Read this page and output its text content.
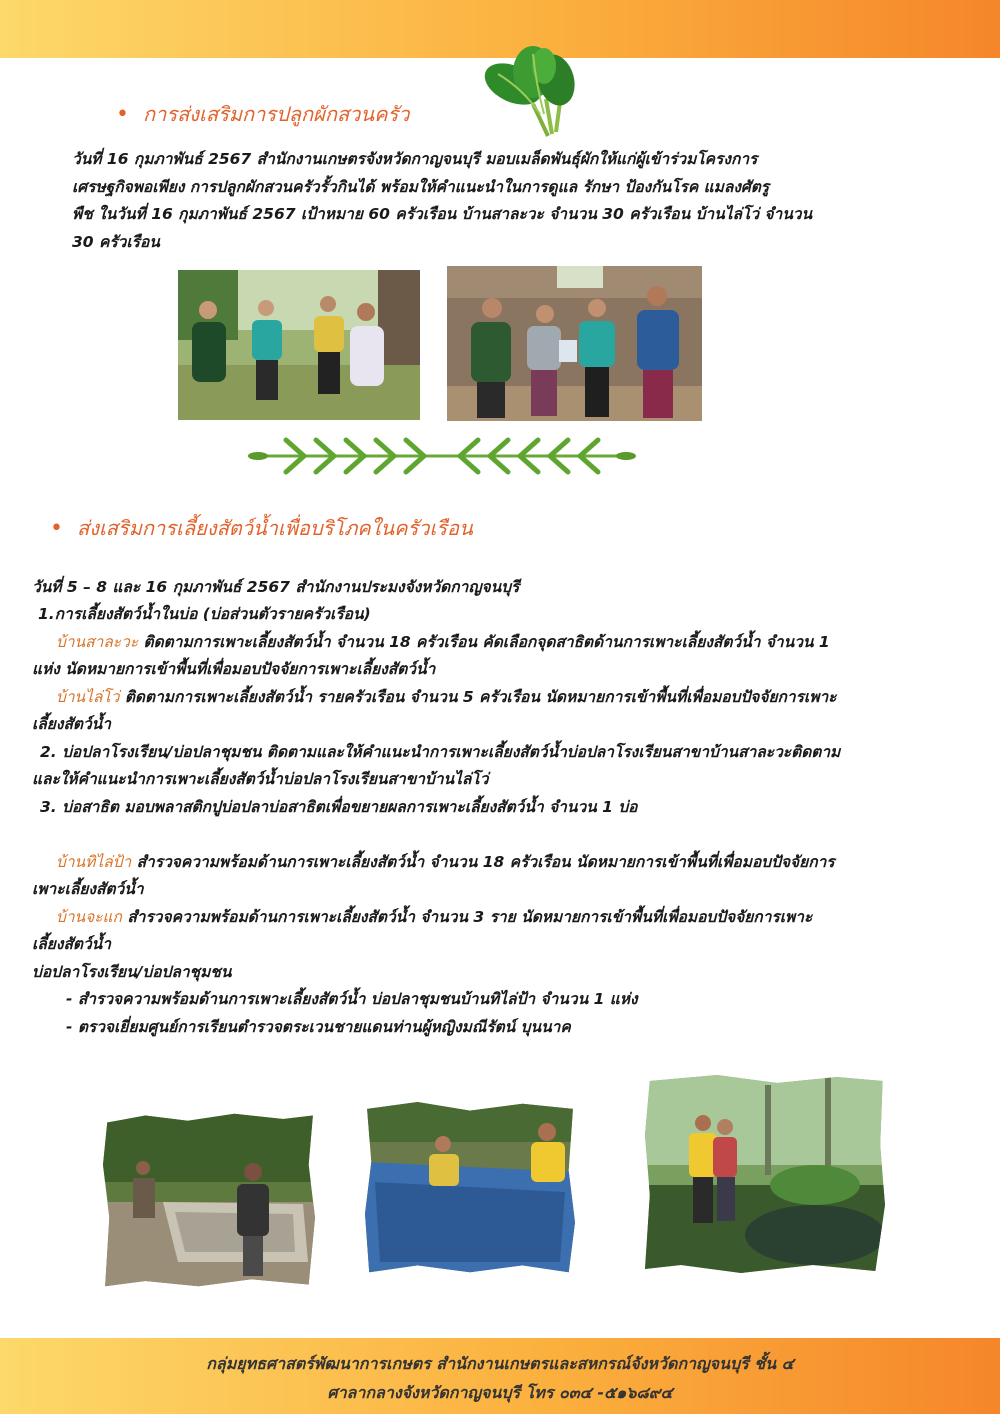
• การส่งเสริมการปลูกผักสวนครัว

วันที่ 16 กุมภาพันธ์ 2567 สำนักงานเกษตรจังหวัดกาญจนบุรี มอบเมล็ดพันธุ์ผักให้แก่ผู้เข้าร่วมโครงการ
เศรษฐกิจพอเพียง การปลูกผักสวนครัวรั้วกินได้ พร้อมให้คำแนะนำในการดูแล รักษา ป้องกันโรค แมลงศัตรู
พืช ในวันที่ 16 กุมภาพันธ์ 2567 เป้าหมาย 60 ครัวเรือน บ้านสาละวะ จำนวน 30 ครัวเรือน บ้านไล่โว่ จำนวน
30 ครัวเรือน

• ส่งเสริมการเลี้ยงสัตว์น้ำเพื่อบริโภคในครัวเรือน
วันที่ 5 – 8 และ 16 กุมภาพันธ์ 2567 สำนักงานประมงจังหวัดกาญจนบุรี
1.การเลี้ยงสัตว์น้ำในบ่อ (บ่อส่วนตัวรายครัวเรือน)
บ้านสาละวะ ติดตามการเพาะเลี้ยงสัตว์น้ำ จำนวน 18 ครัวเรือน คัดเลือกจุดสาธิตด้านการเพาะเลี้ยงสัตว์น้ำ จำนวน 1
แห่ง นัดหมายการเข้าพื้นที่เพื่อมอบปัจจัยการเพาะเลี้ยงสัตว์น้ำ
บ้านไล่โว่ ติดตามการเพาะเลี้ยงสัตว์น้ำ รายครัวเรือน จำนวน 5 ครัวเรือน นัดหมายการเข้าพื้นที่เพื่อมอบปัจจัยการเพาะ
เลี้ยงสัตว์น้ำ
2. บ่อปลาโรงเรียน/บ่อปลาชุมชน ติดตามและให้คำแนะนำการเพาะเลี้ยงสัตว์น้ำบ่อปลาโรงเรียนสาขาบ้านสาละวะติดตาม
และให้คำแนะนำการเพาะเลี้ยงสัตว์น้ำบ่อปลาโรงเรียนสาขาบ้านไล่โว่
3. บ่อสาธิต มอบพลาสติกปูบ่อปลาบ่อสาธิตเพื่อขยายผลการเพาะเลี้ยงสัตว์น้ำ จำนวน 1 บ่อ
บ้านทิไล่ป้า สำรวจความพร้อมด้านการเพาะเลี้ยงสัตว์น้ำ จำนวน 18 ครัวเรือน นัดหมายการเข้าพื้นที่เพื่อมอบปัจจัยการ
เพาะเลี้ยงสัตว์น้ำ
บ้านจะแก สำรวจความพร้อมด้านการเพาะเลี้ยงสัตว์น้ำ จำนวน 3 ราย นัดหมายการเข้าพื้นที่เพื่อมอบปัจจัยการเพาะ
เลี้ยงสัตว์น้ำ
บ่อปลาโรงเรียน/บ่อปลาชุมชน
- สำรวจความพร้อมด้านการเพาะเลี้ยงสัตว์น้ำ บ่อปลาชุมชนบ้านทิไล่ป้า จำนวน 1 แห่ง
- ตรวจเยี่ยมศูนย์การเรียนตำรวจตระเวนชายแดนท่านผู้หญิงมณีรัตน์ บุนนาค
กลุ่มยุทธศาสตร์พัฒนาการเกษตร สำนักงานเกษตรและสหกรณ์จังหวัดกาญจนบุรี ชั้น ๔
ศาลากลางจังหวัดกาญจนบุรี โทร ๐๓๔ -๕๑๖๘๙๔
